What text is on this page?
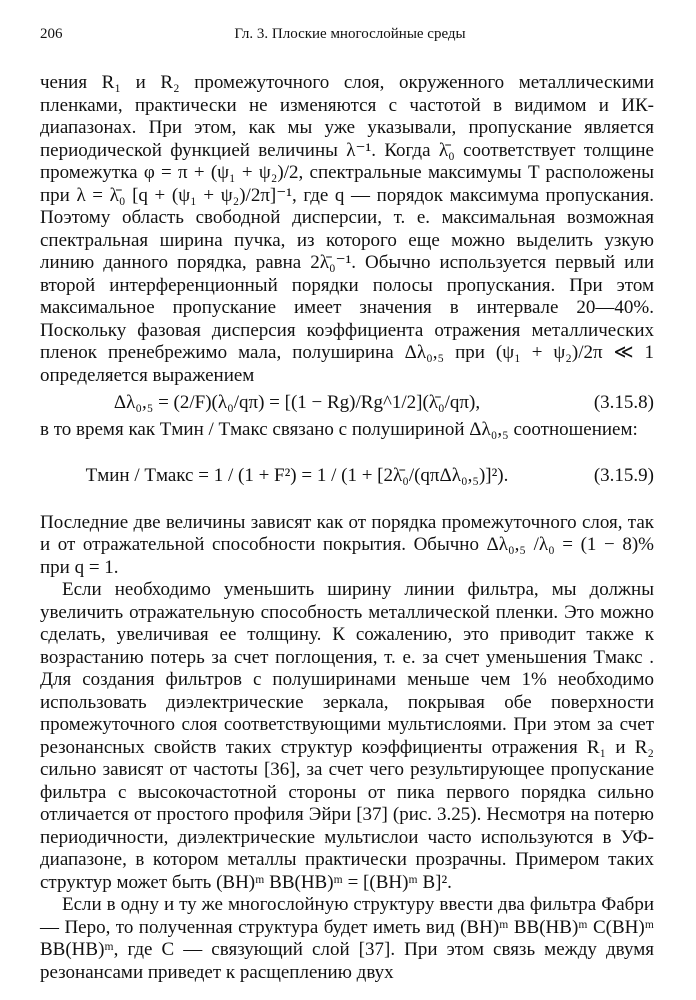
206	Гл. 3. Плоские многослойные среды

чения R₁ и R₂ промежуточного слоя, окруженного металлическими пленками, практически не изменяются с частотой в видимом и ИК-диапазонах. При этом, как мы уже указывали, пропускание является периодической функцией величины λ⁻¹. Когда λ̄₀ соответствует толщине промежутка φ = π + (ψ₁ + ψ₂)/2, спектральные максимумы T расположены при λ = λ̄₀ [q + (ψ₁ + ψ₂)/2π]⁻¹, где q — порядок максимума пропускания. Поэтому область свободной дисперсии, т. е. максимальная возможная спектральная ширина пучка, из которого еще можно выделить узкую линию данного порядка, равна 2λ̄₀⁻¹. Обычно используется первый или второй интерференционный порядки полосы пропускания. При этом максимальное пропускание имеет значения в интервале 20—40%. Поскольку фазовая дисперсия коэффициента отражения металлических пленок пренебрежимо мала, полуширина Δλ₀,₅ при (ψ₁ + ψ₂)/2π ≪ 1 определяется выражением

Δλ₀,₅ = (2/F)(λ₀/qπ) = [(1 − Rg)/Rg^1/2](λ̄₀/qπ),	(3.15.8)

в то время как Tмин / Tмакс связано с полушириной Δλ₀,₅ соотношением:

Tмин / Tмакс = 1 / (1 + F²) = 1 / (1 + [2λ̄₀/(qπΔλ₀,₅)]²).	(3.15.9)

Последние две величины зависят как от порядка промежуточного слоя, так и от отражательной способности покрытия. Обычно Δλ₀,₅ /λ₀ = (1 − 8)% при q = 1.

Если необходимо уменьшить ширину линии фильтра, мы должны увеличить отражательную способность металлической пленки. Это можно сделать, увеличивая ее толщину. К сожалению, это приводит также к возрастанию потерь за счет поглощения, т. е. за счет уменьшения Tмакс . Для создания фильтров с полуширинами меньше чем 1% необходимо использовать диэлектрические зеркала, покрывая обе поверхности промежуточного слоя соответствующими мультислоями. При этом за счет резонансных свойств таких структур коэффициенты отражения R₁ и R₂ сильно зависят от частоты [36], за счет чего результирующее пропускание фильтра с высокочастотной стороны от пика первого порядка сильно отличается от простого профиля Эйри [37] (рис. 3.25). Несмотря на потерю периодичности, диэлектрические мультислои часто используются в УФ-диапазоне, в котором металлы практически прозрачны. Примером таких структур может быть (BH)ᵐ BB(HB)ᵐ = [(BH)ᵐ B]².

Если в одну и ту же многослойную структуру ввести два фильтра Фабри — Перо, то полученная структура будет иметь вид (BH)ᵐ BB(HB)ᵐ C(BH)ᵐ BB(HB)ᵐ, где C — связующий слой [37]. При этом связь между двумя резонансами приведет к расщеплению двух
